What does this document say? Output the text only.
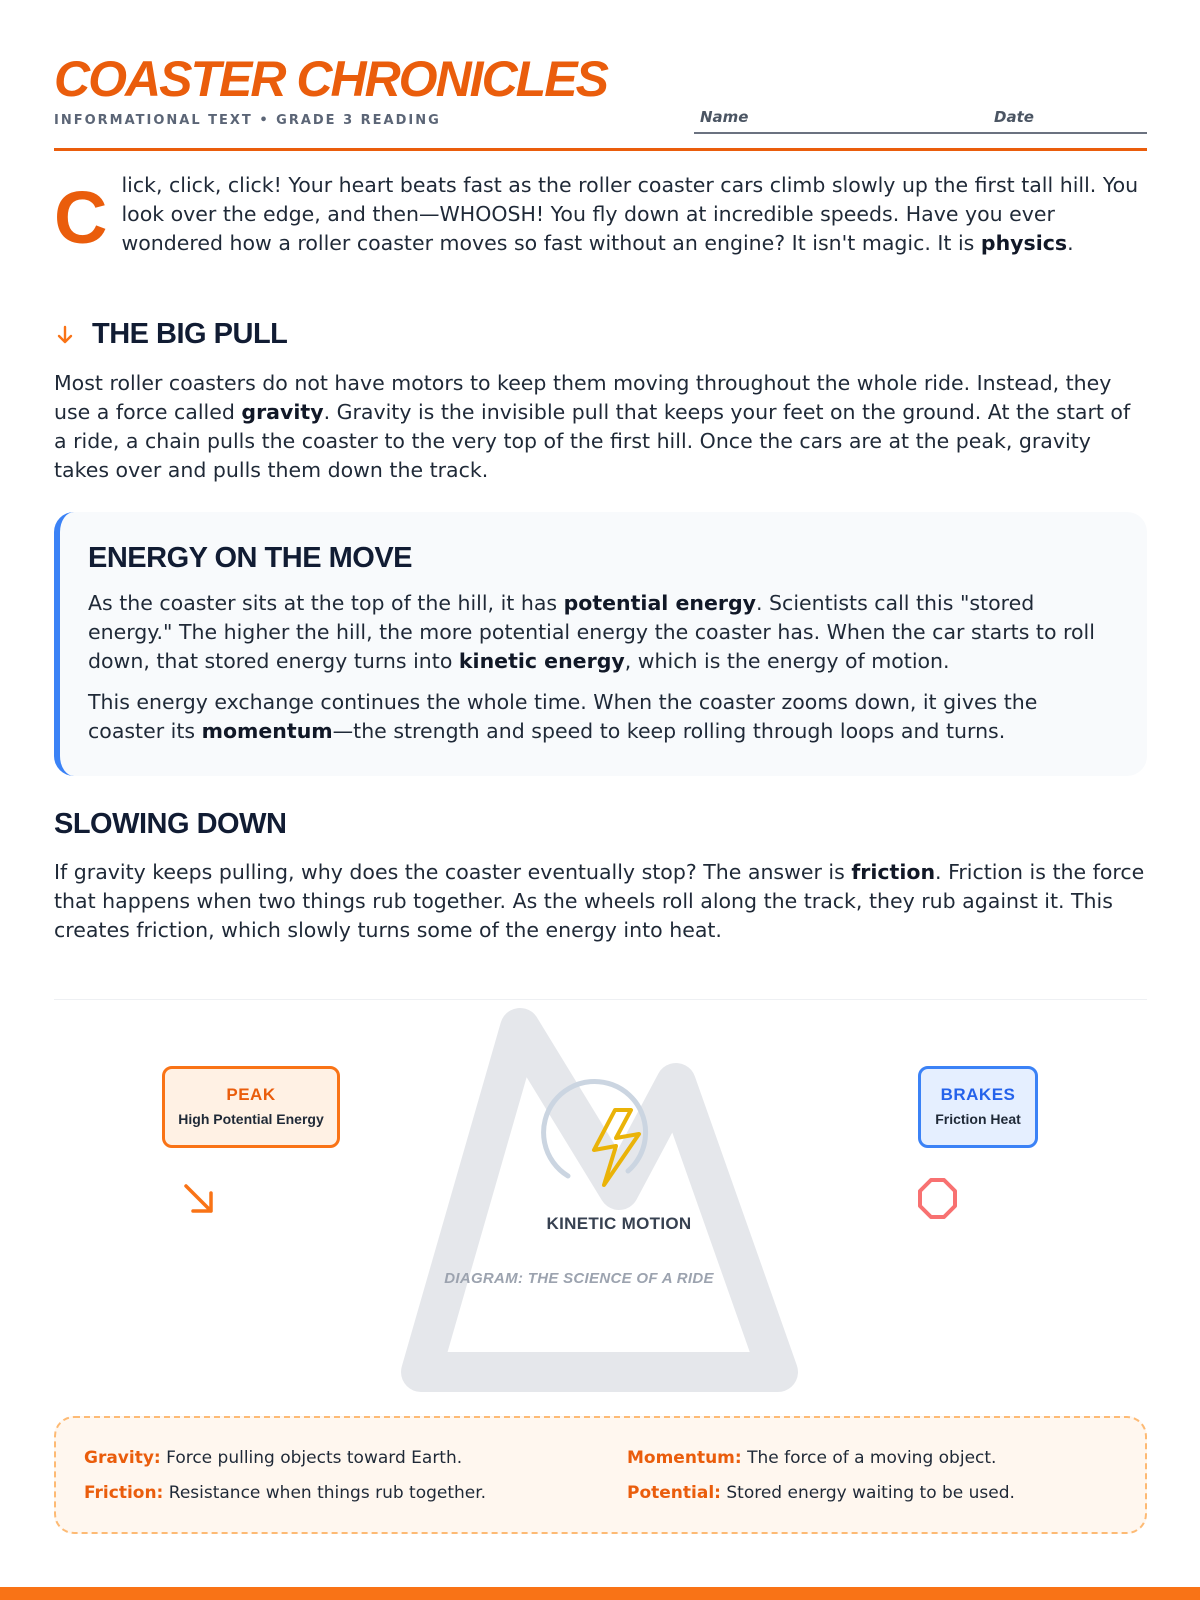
COASTER CHRONICLES
INFORMATIONAL TEXT • GRADE 3 READING	Name	Date
C lick, click, click! Your heart beats fast as the roller coaster cars climb slowly up the first tall hill. You look over the edge, and then—WHOOSH! You fly down at incredible speeds. Have you ever wondered how a roller coaster moves so fast without an engine? It isn't magic. It is physics.

THE BIG PULL

Most roller coasters do not have motors to keep them moving throughout the whole ride. Instead, they use a force called gravity. Gravity is the invisible pull that keeps your feet on the ground. At the start of a ride, a chain pulls the coaster to the very top of the first hill. Once the cars are at the peak, gravity takes over and pulls them down the track.

ENERGY ON THE MOVE

As the coaster sits at the top of the hill, it has potential energy. Scientists call this "stored energy." The higher the hill, the more potential energy the coaster has. When the car starts to roll down, that stored energy turns into kinetic energy, which is the energy of motion.

This energy exchange continues the whole time. When the coaster zooms down, it gives the coaster its momentum—the strength and speed to keep rolling through loops and turns.

SLOWING DOWN

If gravity keeps pulling, why does the coaster eventually stop? The answer is friction. Friction is the force that happens when two things rub together. As the wheels roll along the track, they rub against it. This creates friction, which slowly turns some of the energy into heat.

PEAK
High Potential Energy
BRAKES
Friction Heat
KINETIC MOTION
DIAGRAM: THE SCIENCE OF A RIDE
Gravity: Force pulling objects toward Earth.	Momentum: The force of a moving object.
Friction: Resistance when things rub together.	Potential: Stored energy waiting to be used.
